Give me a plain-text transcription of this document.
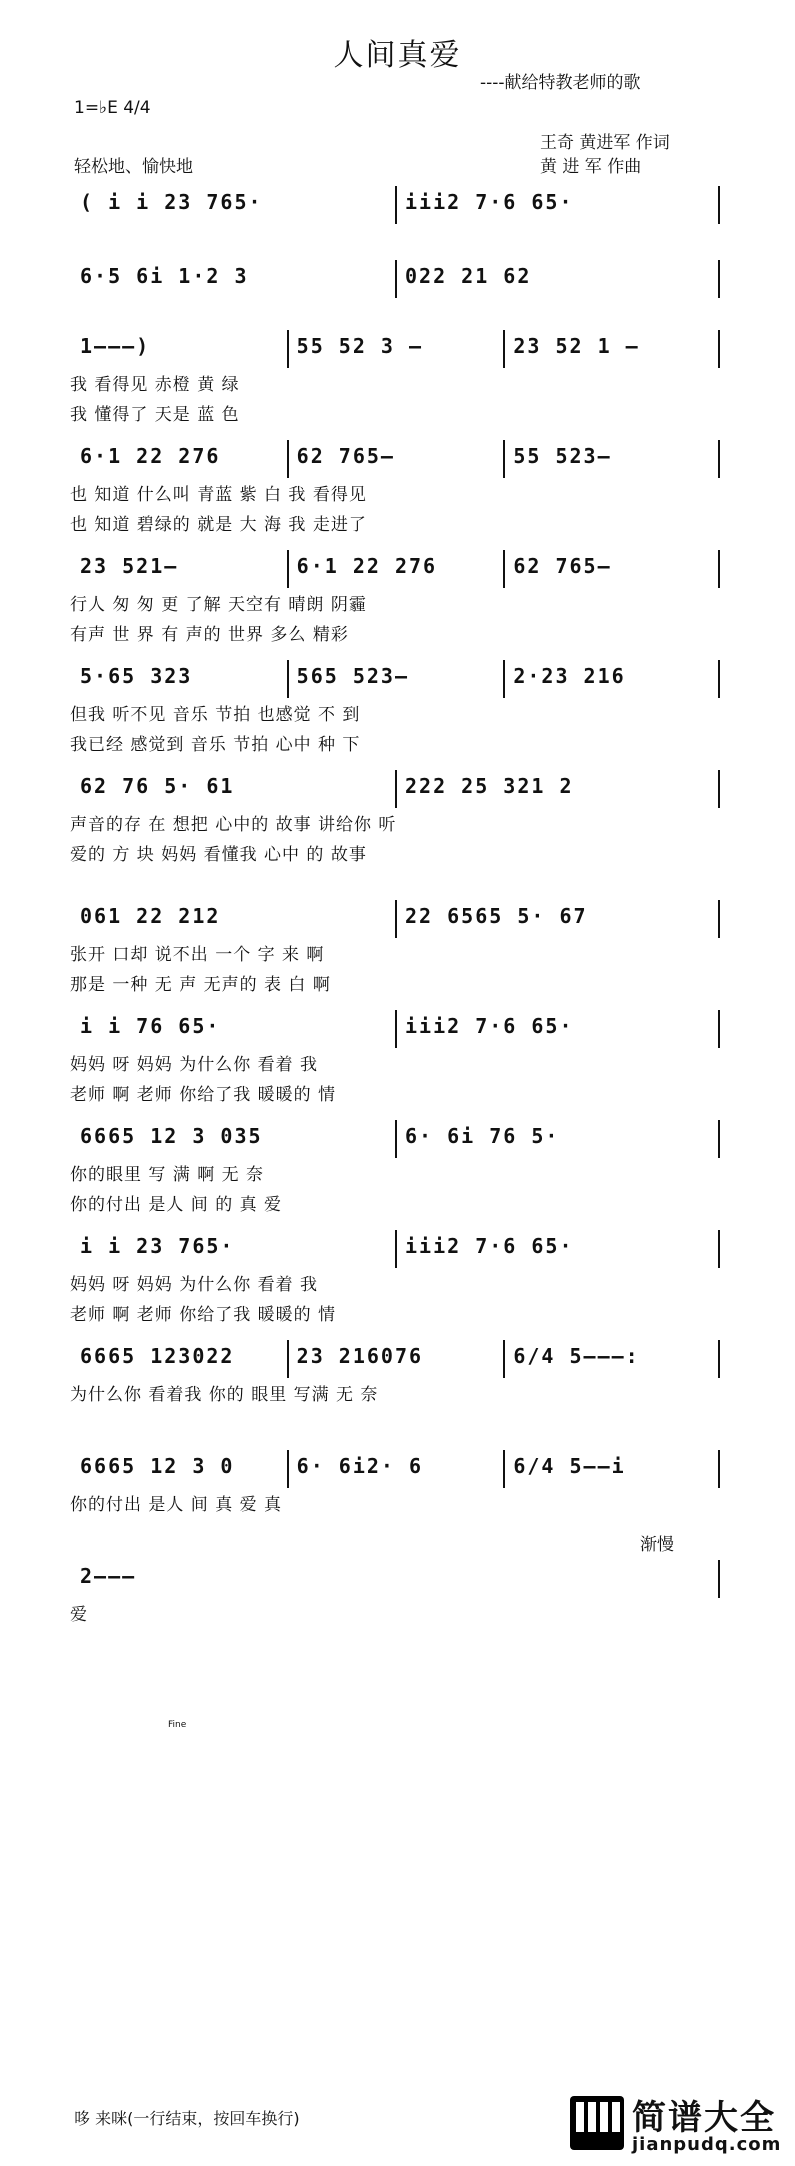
人间真爱
----献给特教老师的歌
1=♭E 4/4
轻松地、愉快地
王奇 黄进军 作词
黄 进 军 作曲
( i i 23 765·	iii2 7·6 65·
6·5 6i 1·2 3	022 21 62
1———)	55 52 3 —	23 52 1 —
我 看得见 赤橙 黄 绿
我 懂得了 天是 蓝 色
6·1 22 276	62 765—	55 523—
也 知道 什么叫 青蓝 紫 白 我 看得见
也 知道 碧绿的 就是 大 海 我 走进了
23 521—	6·1 22 276	62 765—
行人 匆 匆 更 了解 天空有 晴朗 阴霾
有声 世 界 有 声的 世界 多么 精彩
5·65 323	565 523—	2·23 216
但我 听不见 音乐 节拍 也感觉 不 到
我已经 感觉到 音乐 节拍 心中 种 下
62 76 5· 61	222 25 321 2
声音的存 在 想把 心中的 故事 讲给你 听
爱的 方 块 妈妈 看懂我 心中 的 故事
061 22 212	22 6565 5· 67
张开 口却 说不出 一个 字 来 啊
那是 一种 无 声 无声的 表 白 啊
i i 76 65·	iii2 7·6 65·
妈妈 呀 妈妈 为什么你 看着 我
老师 啊 老师 你给了我 暖暖的 情
6665 12 3 035	6· 6i 76 5·
你的眼里 写 满 啊 无 奈
你的付出 是人 间 的 真 爱
i i 23 765·	iii2 7·6 65·
妈妈 呀 妈妈 为什么你 看着 我
老师 啊 老师 你给了我 暖暖的 情
6665 123022	23 216076	6/4 5———:
为什么你 看着我 你的 眼里 写满 无 奈
6665 12 3 0	6· 6i2· 6	6/4 5——i
你的付出 是人 间 真 爱 真
2———
爱
渐慢
Fine
哆 来咪(一行结束，按回车换行)	简谱大全
jianpudq.com
